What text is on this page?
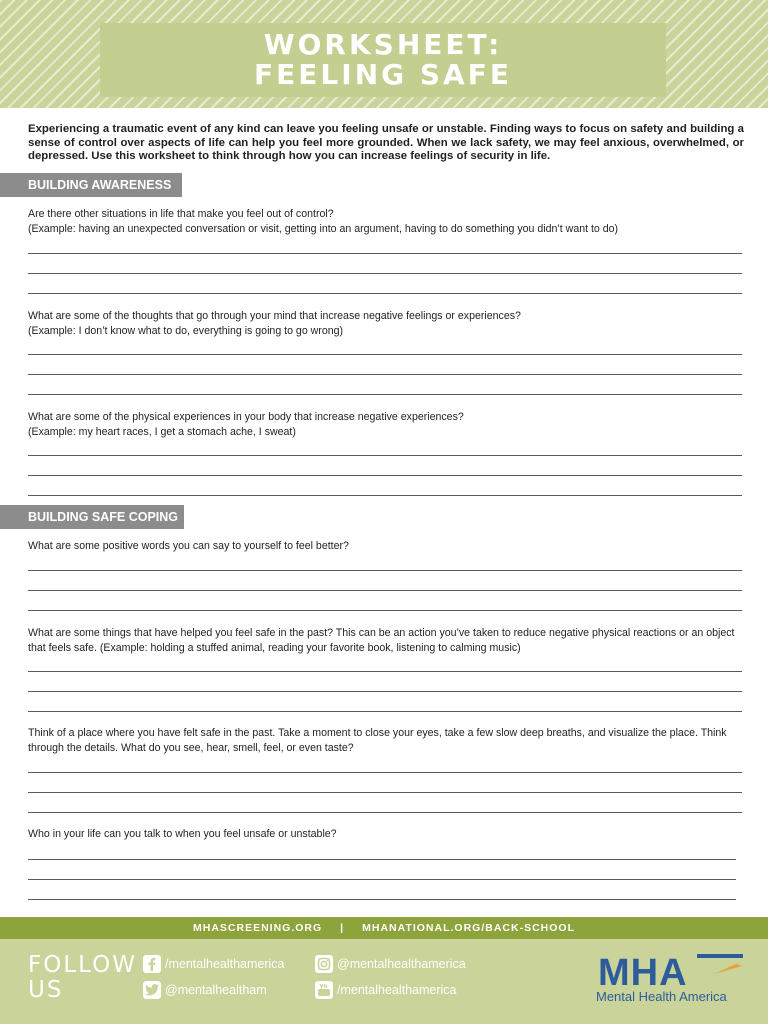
WORKSHEET:
FEELING SAFE
Experiencing a traumatic event of any kind can leave you feeling unsafe or unstable. Finding ways to focus on safety and building a sense of control over aspects of life can help you feel more grounded. When we lack safety, we may feel anxious, overwhelmed, or depressed. Use this worksheet to think through how you can increase feelings of security in life.
BUILDING AWARENESS
Are there other situations in life that make you feel out of control?
(Example: having an unexpected conversation or visit, getting into an argument, having to do something you didn’t want to do)
What are some of the thoughts that go through your mind that increase negative feelings or experiences?
(Example: I don’t know what to do, everything is going to go wrong)
What are some of the physical experiences in your body that increase negative experiences?
(Example: my heart races, I get a stomach ache, I sweat)
BUILDING SAFE COPING
What are some positive words you can say to yourself to feel better?
What are some things that have helped you feel safe in the past? This can be an action you’ve taken to reduce negative physical reactions or an object that feels safe. (Example: holding a stuffed animal, reading your favorite book, listening to calming music)
Think of a place where you have felt safe in the past. Take a moment to close your eyes, take a few slow deep breaths, and visualize the place. Think through the details. What do you see, hear, smell, feel, or even taste?
Who in your life can you talk to when you feel unsafe or unstable?
MHASCREENING.ORG | MHANATIONAL.ORG/BACK-SCHOOL
FOLLOW
US
/mentalhealthamerica
@mentalhealtham
@mentalhealthamerica
/mentalhealthamerica	MHA
Mental Health America
